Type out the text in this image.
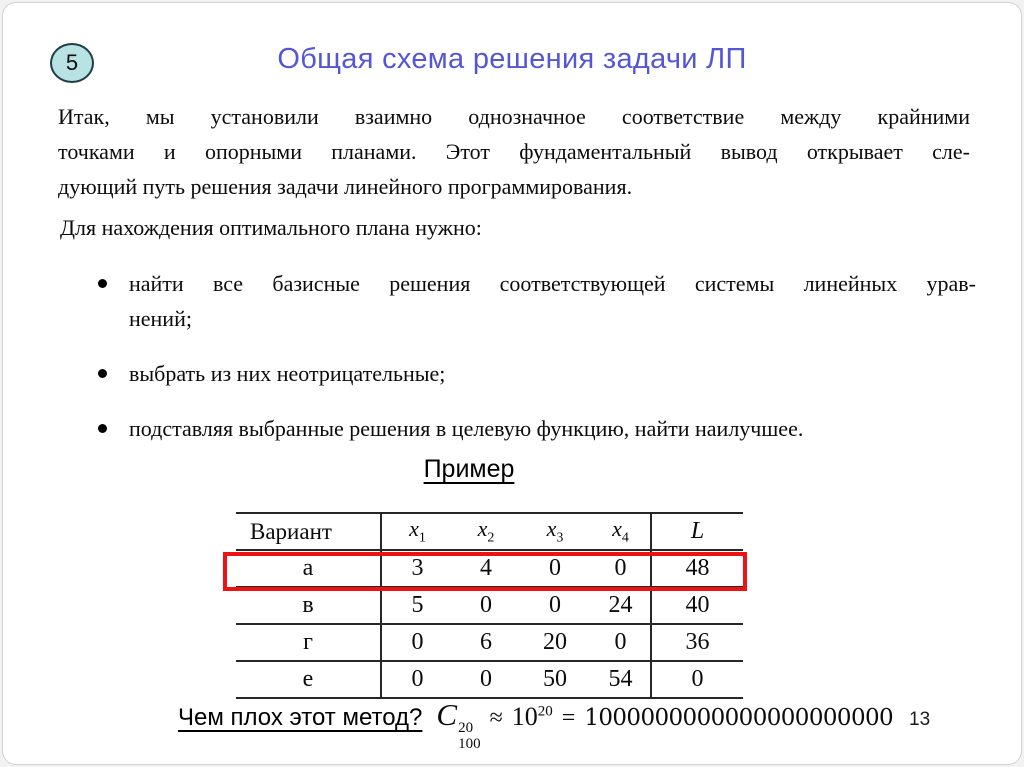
5	Общая схема решения задачи ЛП
Итак, мы установили взаимно однозначное соответствие между крайними
точками и опорными планами. Этот фундаментальный вывод открывает сле-
дующий путь решения задачи линейного программирования.
Для нахождения оптимального плана нужно:
найти все базисные решения соответствующей системы линейных урав-
нений;
выбрать из них неотрицательные;
подставляя выбранные решения в целевую функцию, найти наилучшее.
Пример
Вариант	$x_1$	$x_2$	$x_3$	$x_4$	L
а	3	4	0	0	48
в	5	0	0	24	40
г	0	6	20	0	36
е	0	0	50	54	0
Чем плох этот метод? C 20
100
≈ $10^{20} = 1000000000000000000000$ 13
